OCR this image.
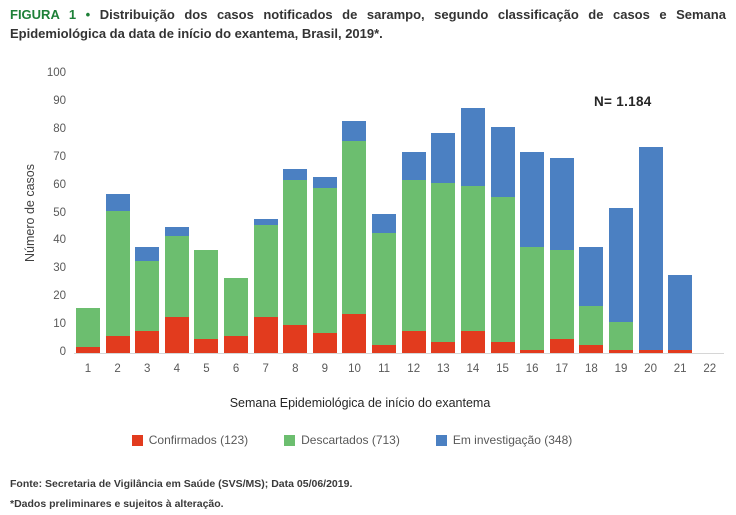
FIGURA 1 • Distribuição dos casos notificados de sarampo, segundo classificação de casos e Semana
Epidemiológica da data de início do exantema, Brasil, 2019*.
Número de casos
0
10
20
30
40
50
60
70
80
90
100
1 2 3 4 5 6 7 8 9 10 11 12 13 14 15 16 17 18 19 20 21 22
N= 1.184
Semana Epidemiológica de início do exantema
Confirmados (123)	Descartados (713)	Em investigação (348)
Fonte: Secretaria de Vigilância em Saúde (SVS/MS); Data 05/06/2019.
*Dados preliminares e sujeitos à alteração.
